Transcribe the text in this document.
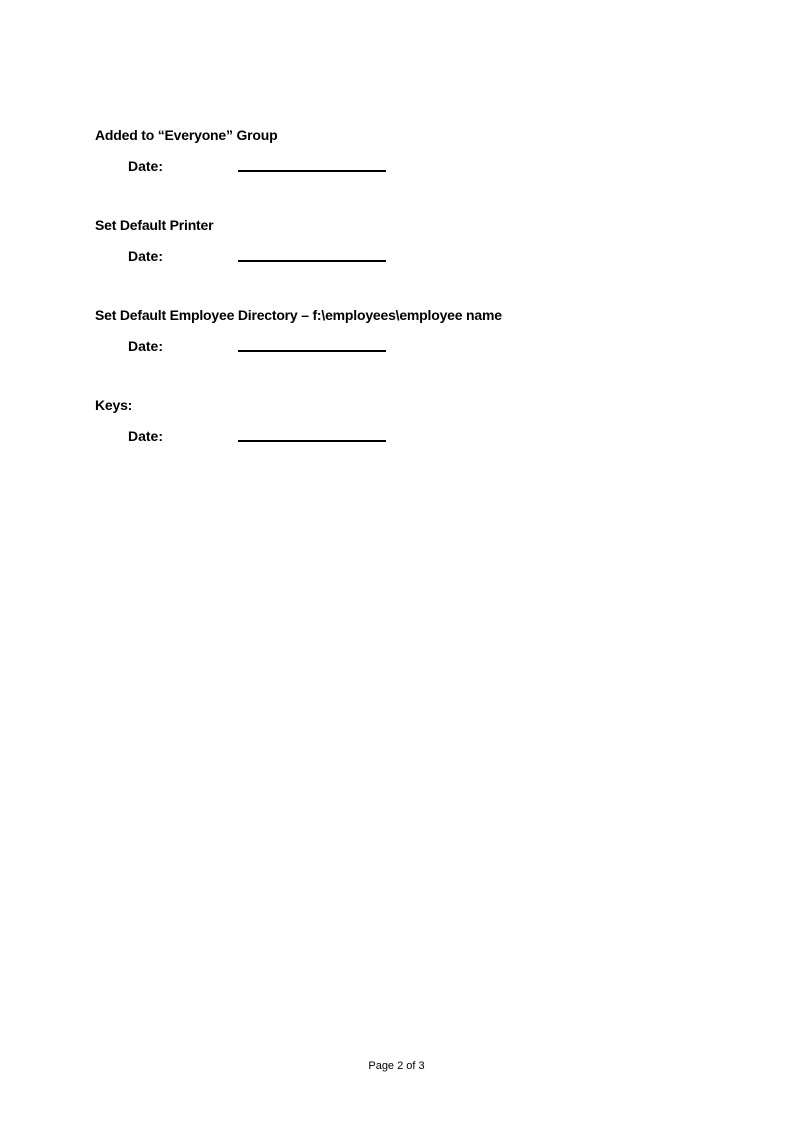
Added to “Everyone” Group
Date:
Set Default Printer
Date:
Set Default Employee Directory – f:\employees\employee name
Date:
Keys:
Date:
Page 2 of 3
